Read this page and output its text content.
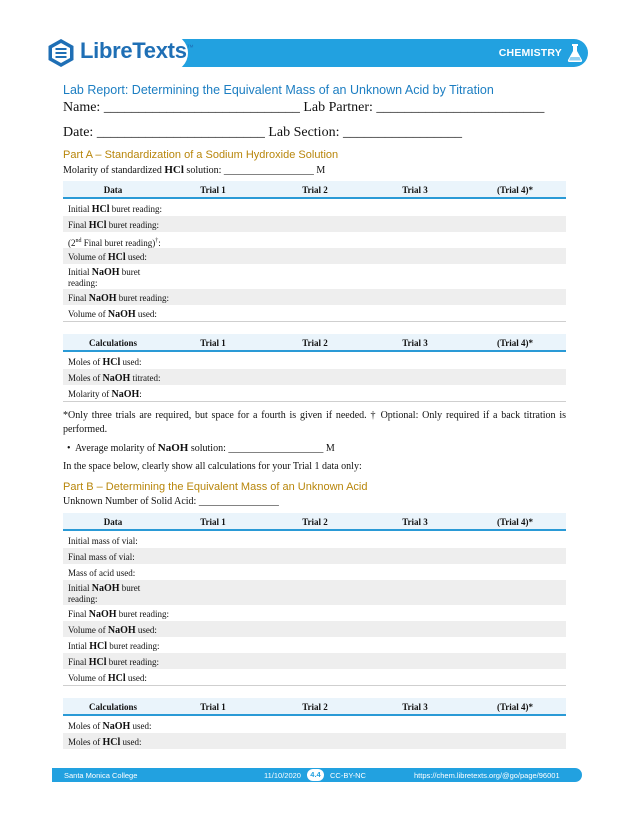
LibreTexts™	CHEMISTRY
Lab Report: Determining the Equivalent Mass of an Unknown Acid by Titration
Name: ____________________________ Lab Partner: ________________________
Date: ________________________ Lab Section: _________________
Part A – Standardization of a Sodium Hydroxide Solution
Molarity of standardized HCl solution: __________________ M
Data	Trial 1	Trial 2	Trial 3	(Trial 4)*
Initial HCl buret reading:
Final HCl buret reading:
(2nd Final buret reading)†:
Volume of HCl used:
Initial NaOH buret reading:
Final NaOH buret reading:
Volume of NaOH used:
Calculations	Trial 1	Trial 2	Trial 3	(Trial 4)*
Moles of HCl used:
Moles of NaOH titrated:
Molarity of NaOH:
*Only three trials are required, but space for a fourth is given if needed. † Optional: Only required if a back titration is performed.
•  Average molarity of NaOH solution: ___________________ M
In the space below, clearly show all calculations for your Trial 1 data only:
Part B – Determining the Equivalent Mass of an Unknown Acid
Unknown Number of Solid Acid: ________________
Data	Trial 1	Trial 2	Trial 3	(Trial 4)*
Initial mass of vial:
Final mass of vial:
Mass of acid used:
Initial NaOH buret reading:
Final NaOH buret reading:
Volume of NaOH used:
Intial HCl buret reading:
Final HCl buret reading:
Volume of HCl used:
Calculations	Trial 1	Trial 2	Trial 3	(Trial 4)*
Moles of NaOH used:
Moles of HCl used:
Santa Monica College	11/10/2020	4.4	CC-BY-NC	https://chem.libretexts.org/@go/page/96001
